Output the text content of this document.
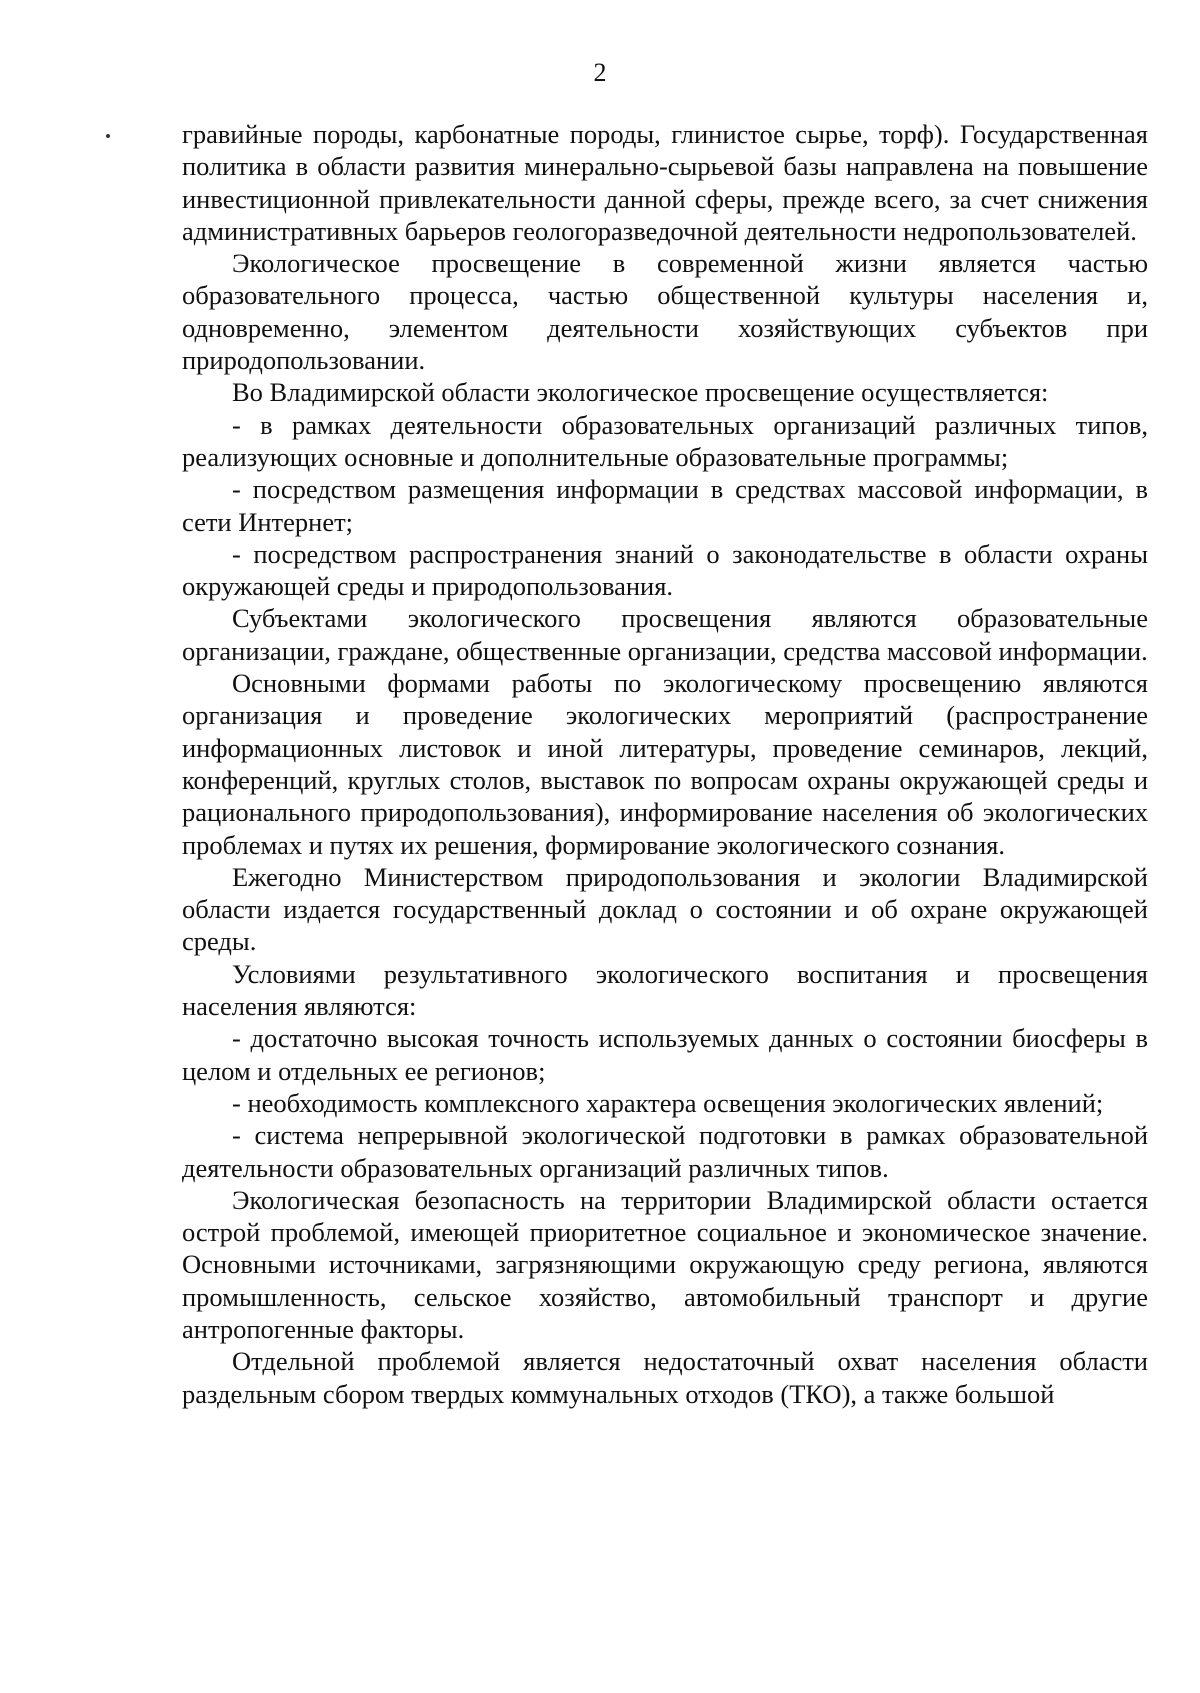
2

гравийные породы, карбонатные породы, глинистое сырье, торф). Государственная политика в области развития минерально-сырьевой базы направлена на повышение инвестиционной привлекательности данной сферы, прежде всего, за счет снижения административных барьеров геологоразведочной деятельности недропользователей.

Экологическое просвещение в современной жизни является частью образовательного процесса, частью общественной культуры населения и, одновременно, элементом деятельности хозяйствующих субъектов при природопользовании.

Во Владимирской области экологическое просвещение осуществляется:

- в рамках деятельности образовательных организаций различных типов, реализующих основные и дополнительные образовательные программы;

- посредством размещения информации в средствах массовой информации, в сети Интернет;

- посредством распространения знаний о законодательстве в области охраны окружающей среды и природопользования.

Субъектами экологического просвещения являются образовательные организации, граждане, общественные организации, средства массовой информации.

Основными формами работы по экологическому просвещению являются организация и проведение экологических мероприятий (распространение информационных листовок и иной литературы, проведение семинаров, лекций, конференций, круглых столов, выставок по вопросам охраны окружающей среды и рационального природопользования), информирование населения об экологических проблемах и путях их решения, формирование экологического сознания.

Ежегодно Министерством природопользования и экологии Владимирской области издается государственный доклад о состоянии и об охране окружающей среды.

Условиями результативного экологического воспитания и просвещения населения являются:

- достаточно высокая точность используемых данных о состоянии биосферы в целом и отдельных ее регионов;

- необходимость комплексного характера освещения экологических явлений;

- система непрерывной экологической подготовки в рамках образовательной деятельности образовательных организаций различных типов.

Экологическая безопасность на территории Владимирской области остается острой проблемой, имеющей приоритетное социальное и экономическое значение. Основными источниками, загрязняющими окружающую среду региона, являются промышленность, сельское хозяйство, автомобильный транспорт и другие антропогенные факторы.

Отдельной проблемой является недостаточный охват населения области раздельным сбором твердых коммунальных отходов (ТКО), а также большой
